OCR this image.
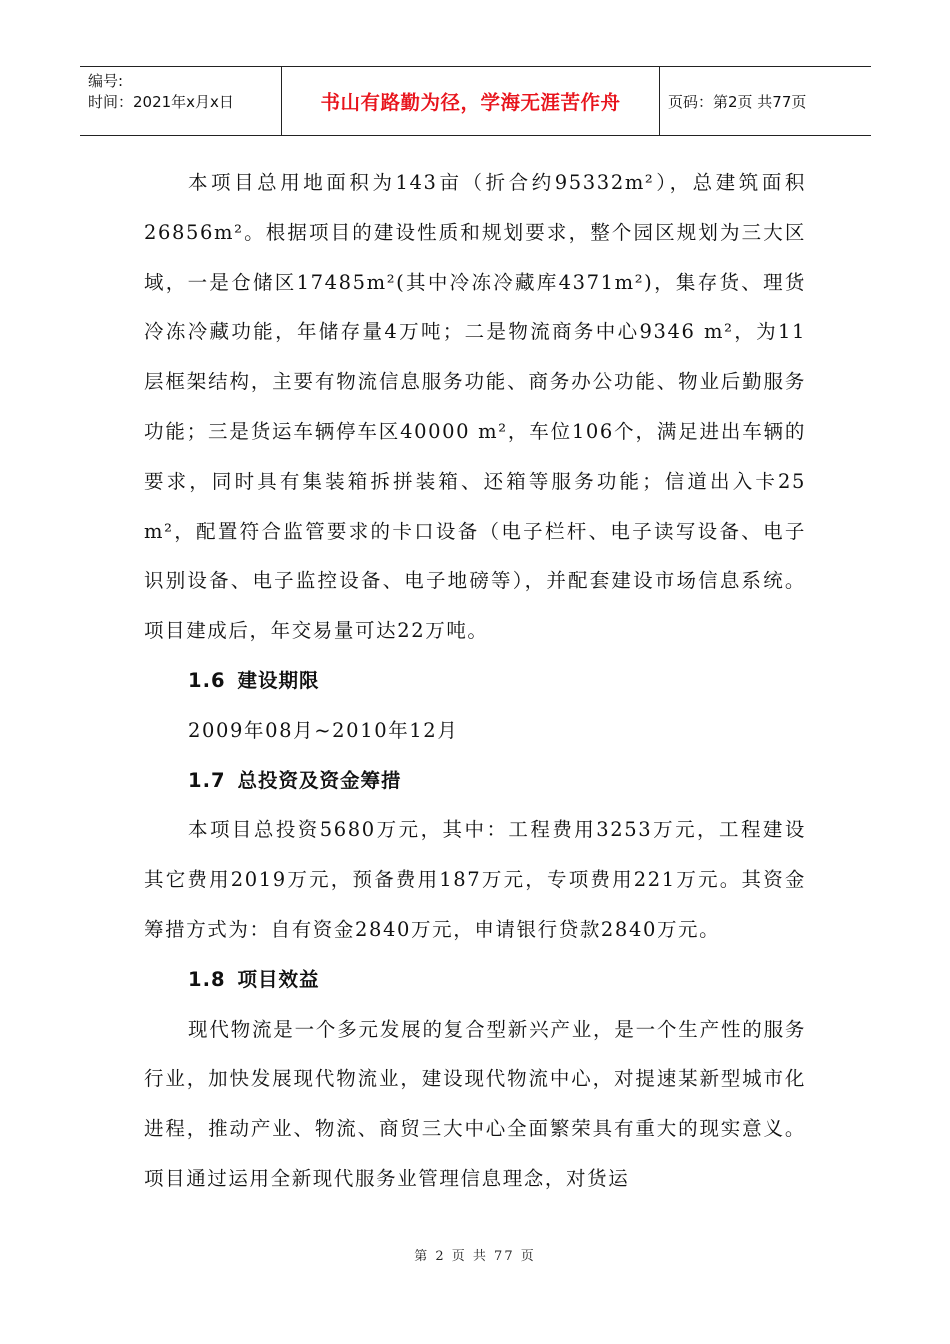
编号:
时间：2021年x月x日	书山有路勤为径，学海无涯苦作舟	页码：第2页 共77页

本项目总用地面积为143亩（折合约95332m²），总建筑面积26856m²。根据项目的建设性质和规划要求，整个园区规划为三大区域，一是仓储区17485m²(其中冷冻冷藏库4371m²)，集存货、理货冷冻冷藏功能，年储存量4万吨；二是物流商务中心9346 m²，为11层框架结构，主要有物流信息服务功能、商务办公功能、物业后勤服务功能；三是货运车辆停车区40000 m²，车位106个，满足进出车辆的要求，同时具有集装箱拆拼装箱、还箱等服务功能；信道出入卡25 m²，配置符合监管要求的卡口设备（电子栏杆、电子读写设备、电子识别设备、电子监控设备、电子地磅等），并配套建设市场信息系统。项目建成后，年交易量可达22万吨。

1.6 建设期限

2009年08月~2010年12月

1.7 总投资及资金筹措

本项目总投资5680万元，其中：工程费用3253万元，工程建设其它费用2019万元，预备费用187万元，专项费用221万元。其资金筹措方式为：自有资金2840万元，申请银行贷款2840万元。

1.8 项目效益

现代物流是一个多元发展的复合型新兴产业，是一个生产性的服务行业，加快发展现代物流业，建设现代物流中心，对提速某新型城市化进程，推动产业、物流、商贸三大中心全面繁荣具有重大的现实意义。项目通过运用全新现代服务业管理信息理念，对货运

第 2 页 共 77 页
